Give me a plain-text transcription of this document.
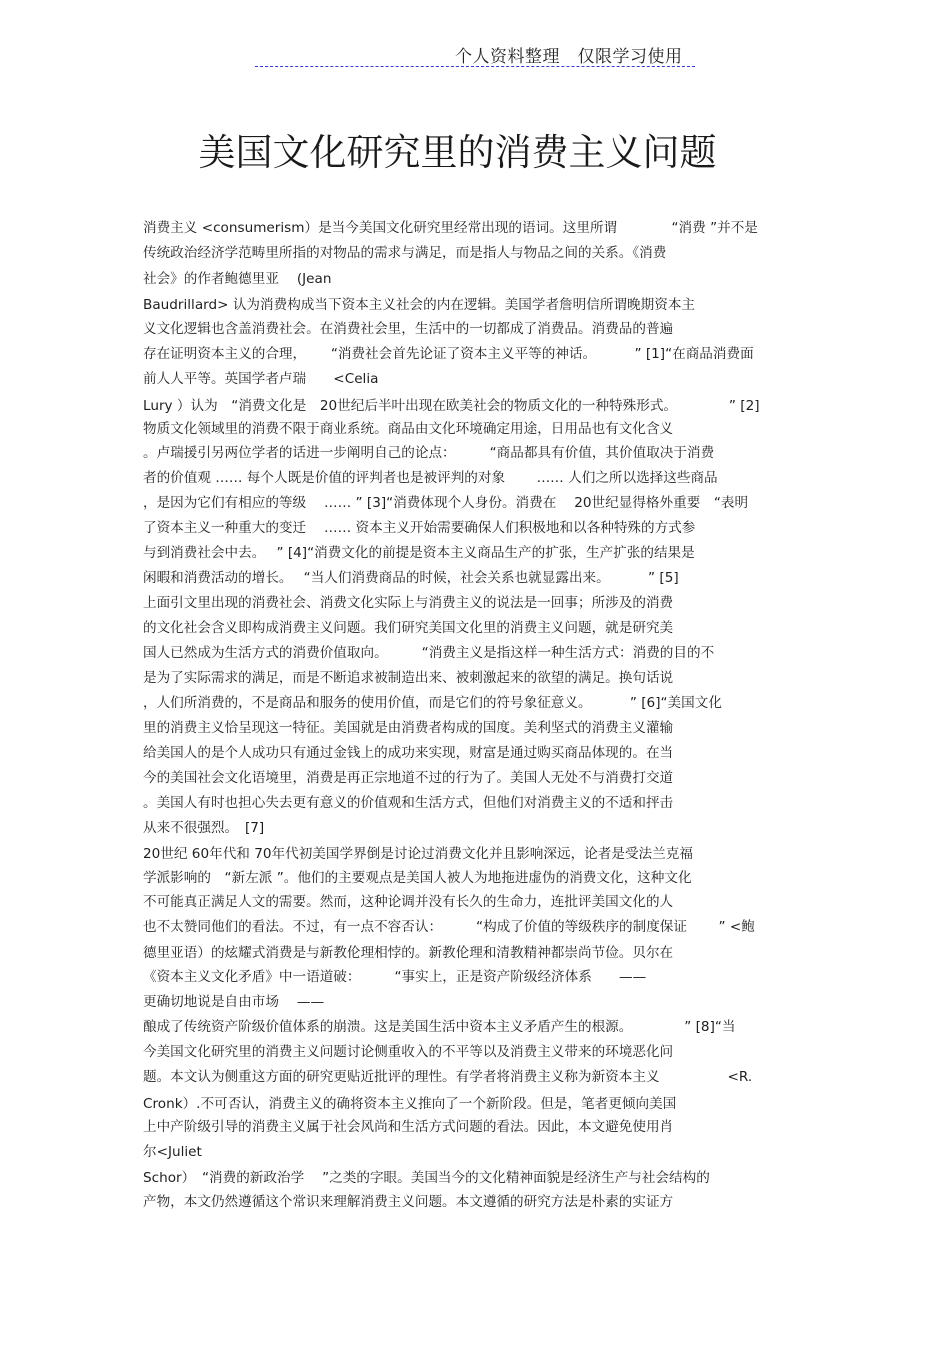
个人资料整理　仅限学习使用
美国文化研究里的消费主义问题
消费主义 <consumerism）是当今美国文化研究里经常出现的语词。这里所谓　　　　“消费 ”并不是
传统政治经济学范畴里所指的对物品的需求与满足，而是指人与物品之间的关系。《消费
社会》的作者鲍德里亚　 (Jean
Baudrillard> 认为消费构成当下资本主义社会的内在逻辑。美国学者詹明信所谓晚期资本主
义文化逻辑也含盖消费社会。在消费社会里，生活中的一切都成了消费品。消费品的普遍
存在证明资本主义的合理，　　 “消费社会首先论证了资本主义平等的神话。　　　 ” [1]“在商品消费面
前人人平等。英国学者卢瑞　　<Celia
Lury ）认为　“消费文化是　20世纪后半叶出现在欧美社会的物质文化的一种特殊形式。　　　　 ” [2]
物质文化领域里的消费不限于商业系统。商品由文化环境确定用途，日用品也有文化含义
。卢瑞援引另两位学者的话进一步阐明自己的论点：　　　“商品都具有价值，其价值取决于消费
者的价值观 …… 每个人既是价值的评判者也是被评判的对象　　 …… 人们之所以选择这些商品
，是因为它们有相应的等级　 …… ” [3]“消费体现个人身份。消费在　 20世纪显得格外重要　“表明
了资本主义一种重大的变迁　 …… 资本主义开始需要确保人们积极地和以各种特殊的方式参
与到消费社会中去。　 ” [4]“消费文化的前提是资本主义商品生产的扩张，生产扩张的结果是
闲暇和消费活动的增长。　 “当人们消费商品的时候，社会关系也就显露出来。　　　 ” [5]
上面引文里出现的消费社会、消费文化实际上与消费主义的说法是一回事；所涉及的消费
的文化社会含义即构成消费主义问题。我们研究美国文化里的消费主义问题，就是研究美
国人已然成为生活方式的消费价值取向。　　　“消费主义是指这样一种生活方式：消费的目的不
是为了实际需求的满足，而是不断追求被制造出来、被刺激起来的欲望的满足。换句话说
，人们所消费的，不是商品和服务的使用价值，而是它们的符号象征意义。　　　 ” [6]“美国文化
里的消费主义恰呈现这一特征。美国就是由消费者构成的国度。美利坚式的消费主义灌输
给美国人的是个人成功只有通过金钱上的成功来实现，财富是通过购买商品体现的。在当
今的美国社会文化语境里，消费是再正宗地道不过的行为了。美国人无处不与消费打交道
。美国人有时也担心失去更有意义的价值观和生活方式，但他们对消费主义的不适和抨击
从来不很强烈。　[7]
20世纪 60年代和 70年代初美国学界倒是讨论过消费文化并且影响深远，论者是受法兰克福
学派影响的　“新左派 ”。他们的主要观点是美国人被人为地拖进虚伪的消费文化，这种文化
不可能真正满足人文的需要。然而，这种论调并没有长久的生命力，连批评美国文化的人
也不太赞同他们的看法。不过，有一点不容否认：　　　“构成了价值的等级秩序的制度保证　　 ” <鲍
德里亚语）的炫耀式消费是与新教伦理相悖的。新教伦理和清教精神都崇尚节俭。贝尔在
《资本主义文化矛盾》中一语道破：　　　“事实上，正是资产阶级经济体系　　——
更确切地说是自由市场　 ——
酿成了传统资产阶级价值体系的崩溃。这是美国生活中资本主义矛盾产生的根源。　　　　 ” [8]“当
今美国文化研究里的消费主义问题讨论侧重收入的不平等以及消费主义带来的环境恶化问
题。本文认为侧重这方面的研究更贴近批评的理性。有学者将消费主义称为新资本主义　　　　　<R.
Cronk）.不可否认，消费主义的确将资本主义推向了一个新阶段。但是，笔者更倾向美国
上中产阶级引导的消费主义属于社会风尚和生活方式问题的看法。因此，本文避免使用肖
尔<Juliet
Schor）　“消费的新政治学　 ”之类的字眼。美国当今的文化精神面貌是经济生产与社会结构的
产物，本文仍然遵循这个常识来理解消费主义问题。本文遵循的研究方法是朴素的实证方
